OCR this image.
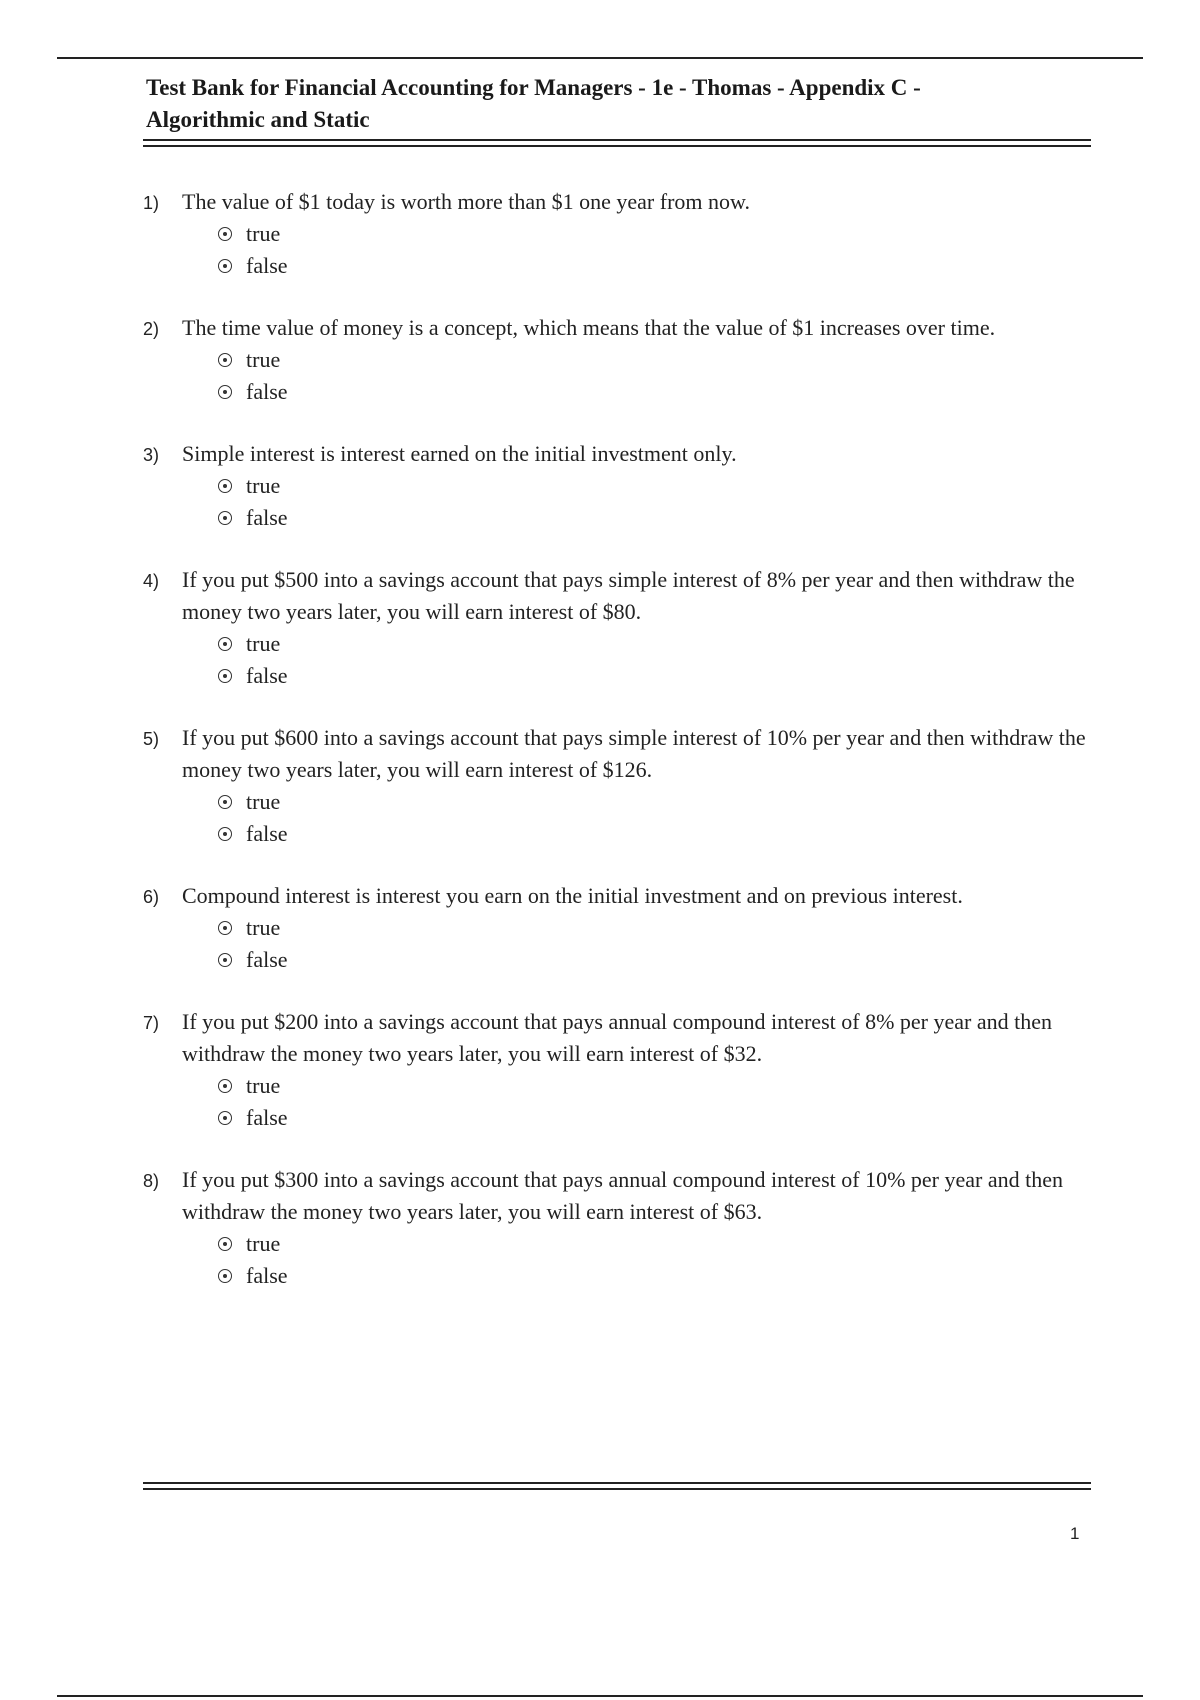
Test Bank for Financial Accounting for Managers - 1e - Thomas - Appendix C - Algorithmic and Static
1) The value of $1 today is worth more than $1 one year from now.
true
false
2) The time value of money is a concept, which means that the value of $1 increases over time.
true
false
3) Simple interest is interest earned on the initial investment only.
true
false
4) If you put $500 into a savings account that pays simple interest of 8% per year and then withdraw the money two years later, you will earn interest of $80.
true
false
5) If you put $600 into a savings account that pays simple interest of 10% per year and then withdraw the money two years later, you will earn interest of $126.
true
false
6) Compound interest is interest you earn on the initial investment and on previous interest.
true
false
7) If you put $200 into a savings account that pays annual compound interest of 8% per year and then withdraw the money two years later, you will earn interest of $32.
true
false
8) If you put $300 into a savings account that pays annual compound interest of 10% per year and then withdraw the money two years later, you will earn interest of $63.
true
false
1
